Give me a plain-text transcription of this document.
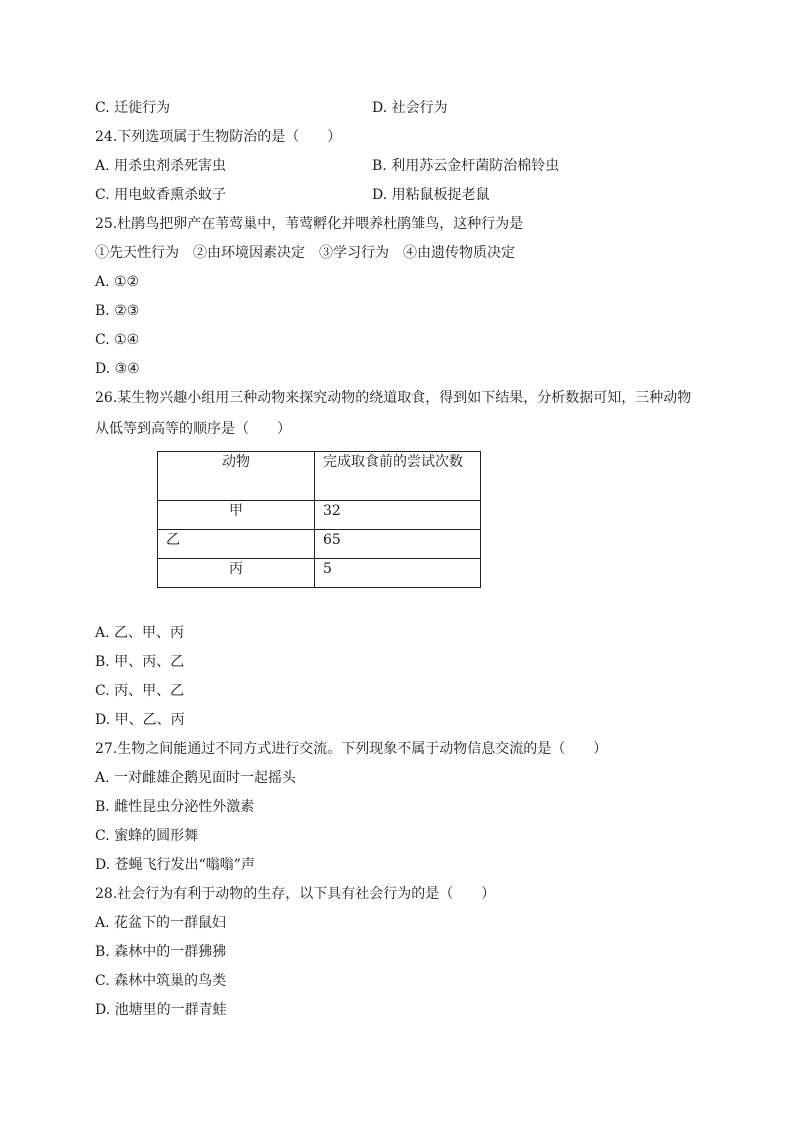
C. 迁徙行为	D. 社会行为
24.下列选项属于生物防治的是（　　）
A. 用杀虫剂杀死害虫	B. 利用苏云金杆菌防治棉铃虫
C. 用电蚊香熏杀蚊子	D. 用粘鼠板捉老鼠
25.杜鹃鸟把卵产在苇莺巢中，苇莺孵化并喂养杜鹃雏鸟，这种行为是
①先天性行为　②由环境因素决定　③学习行为　④由遗传物质决定
A. ①②
B. ②③
C. ①④
D. ③④
26.某生物兴趣小组用三种动物来探究动物的绕道取食，得到如下结果，分析数据可知，三种动物
从低等到高等的顺序是（　　）
动物	完成取食前的尝试次数
甲	32
乙	65
丙	5
A. 乙、甲、丙
B. 甲、丙、乙
C. 丙、甲、乙
D. 甲、乙、丙
27.生物之间能通过不同方式进行交流。下列现象不属于动物信息交流的是（　　）
A. 一对雌雄企鹅见面时一起摇头
B. 雌性昆虫分泌性外激素
C. 蜜蜂的圆形舞
D. 苍蝇飞行发出“嗡嗡”声
28.社会行为有利于动物的生存，以下具有社会行为的是（　　）
A. 花盆下的一群鼠妇
B. 森林中的一群狒狒
C. 森林中筑巢的鸟类
D. 池塘里的一群青蛙
